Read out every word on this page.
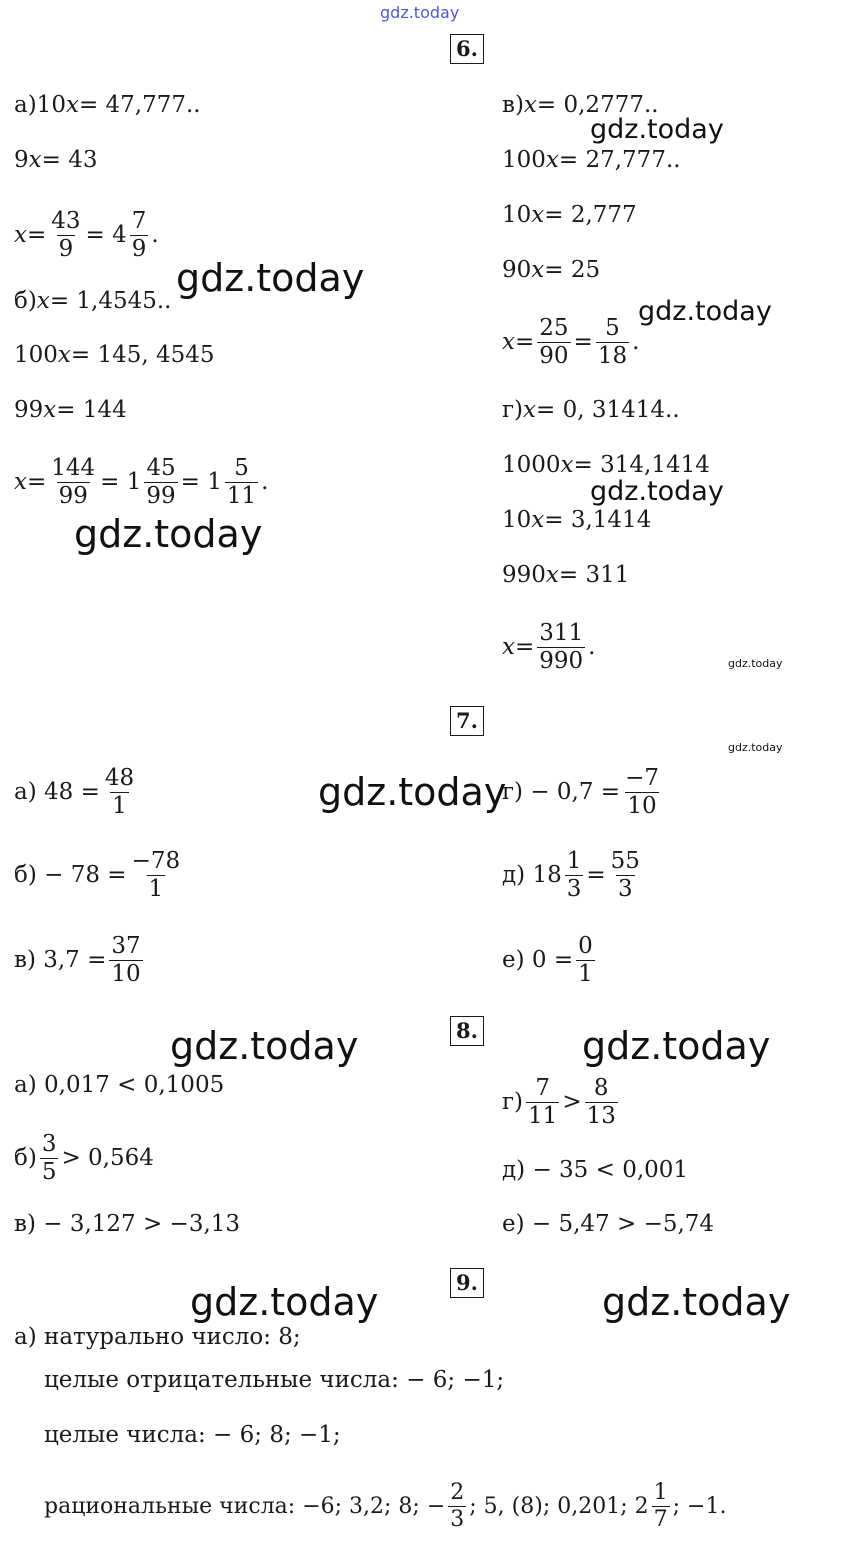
gdz.today
6.
а)10 x = 47,777..
9 x = 43
$x = \frac{43}{9} = 4 \frac{7}{9}$ .
б) x = 1,4545..
100 x = 145, 4545
99 x = 144
$x = \frac{144}{99} = 1 \frac{45}{99} = 1 \frac{5}{11}$ .
в) x = 0,2777..
100 x = 27,777..
10 x = 2,777
90 x = 25
$x = \frac{25}{90} = \frac{5}{18}$ .
г) x = 0, 31414..
1000 x = 314,1414
10 x = 3,1414
990 x = 311
$x = \frac{311}{990}$ .
7.
а) $48 = \frac{48}{1}$
$б) - 78 = \frac{-78}{1}$
в) $3,7 = \frac{37}{10}$
$г) - 0,7 = \frac{-7}{10}$
д) $18 \frac{1}{3} = \frac{55}{3}$
е) $0 = \frac{0}{1}$
8.
а) 0,017 < 0,1005
$б) \frac{3}{5} > 0,564$
в) − 3,127 > −3,13
$г) \frac{7}{11} > \frac{8}{13}$
д) − 35 < 0,001
е) − 5,47 > −5,74
9.
а) натурально число: 8;
целые отрицательные числа: − 6; −1;
целые числа: − 6; 8; −1;
рациональные числа: −6; 3,2; 8; − $\frac{2}{3}$ ; 5, (8); 0,201; $2 \frac{1}{7}$ ; −1.
gdz.today
gdz.today
gdz.today
gdz.today
gdz.today
gdz.today
gdz.today
gdz.today
gdz.today	gdz.today
gdz.today	gdz.today
